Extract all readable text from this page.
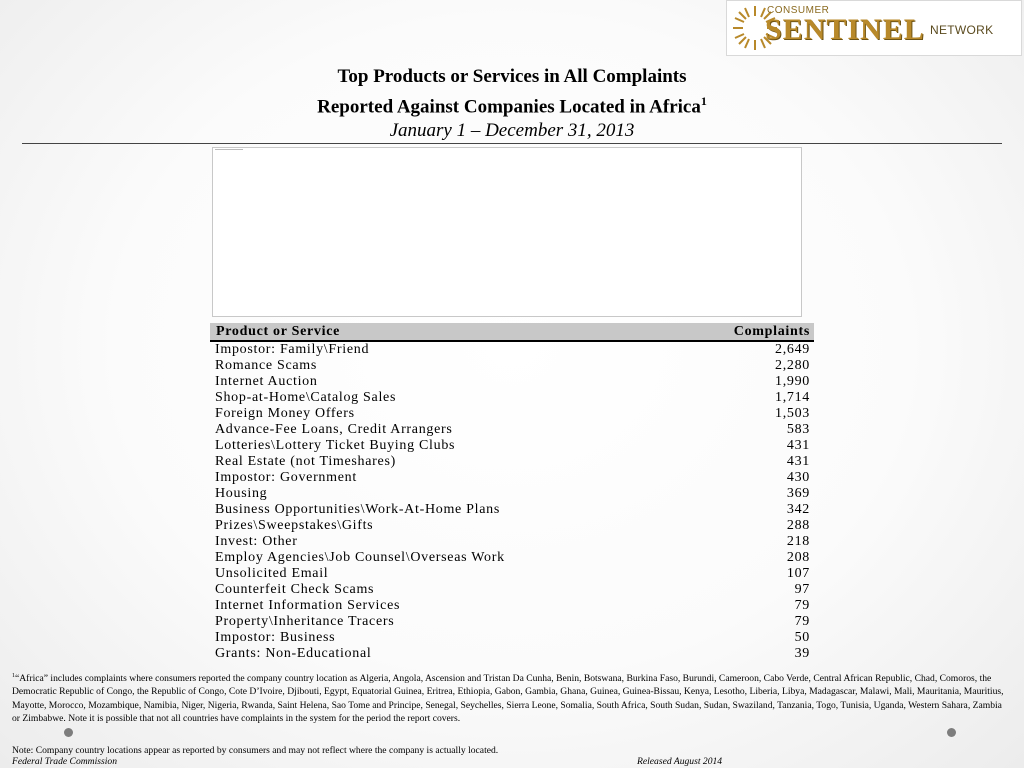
CONSUMER
SENTINEL NETWORK
Top Products or Services in All Complaints
Reported Against Companies Located in Africa$^1$
January 1 – December 31, 2013
Product or Service	Complaints
Impostor: Family\Friend	2,649
Romance Scams	2,280
Internet Auction	1,990
Shop-at-Home\Catalog Sales	1,714
Foreign Money Offers	1,503
Advance-Fee Loans, Credit Arrangers	583
Lotteries\Lottery Ticket Buying Clubs	431
Real Estate (not Timeshares)	431
Impostor: Government	430
Housing	369
Business Opportunities\Work-At-Home Plans	342
Prizes\Sweepstakes\Gifts	288
Invest: Other	218
Employ Agencies\Job Counsel\Overseas Work	208
Unsolicited Email	107
Counterfeit Check Scams	97
Internet Information Services	79
Property\Inheritance Tracers	79
Impostor: Business	50
Grants: Non-Educational	39
$^1$“Africa” includes complaints where consumers reported the company country location as Algeria, Angola, Ascension and Tristan Da Cunha, Benin, Botswana, Burkina Faso, Burundi, Cameroon, Cabo Verde, Central African Republic, Chad, Comoros, the Democratic Republic of Congo, the Republic of Congo, Cote D’Ivoire, Djibouti, Egypt, Equatorial Guinea, Eritrea, Ethiopia, Gabon, Gambia, Ghana, Guinea, Guinea-Bissau, Kenya, Lesotho, Liberia, Libya, Madagascar, Malawi, Mali, Mauritania, Mauritius, Mayotte, Morocco, Mozambique, Namibia, Niger, Nigeria, Rwanda, Saint Helena, Sao Tome and Principe, Senegal, Seychelles, Sierra Leone, Somalia, South Africa, South Sudan, Sudan, Swaziland, Tanzania, Togo, Tunisia, Uganda, Western Sahara, Zambia or Zimbabwe. Note it is possible that not all countries have complaints in the system for the period the report covers.
Note: Company country locations appear as reported by consumers and may not reflect where the company is actually located.
Federal Trade Commission	Released August 2014
